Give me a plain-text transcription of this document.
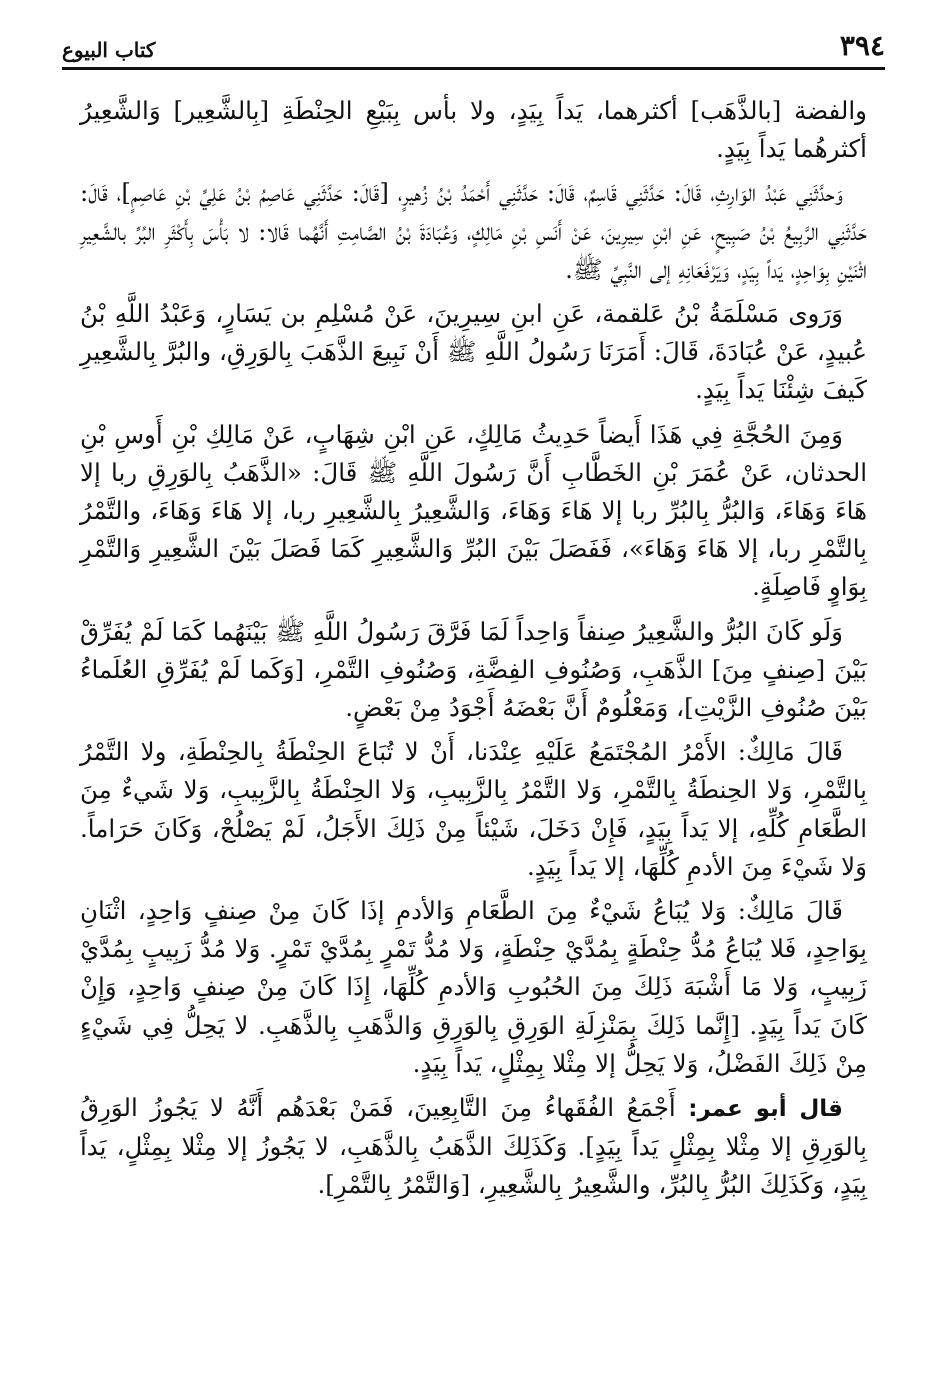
٣٩٤
كتاب البيوع

والفضة [بالذَّهَب] أكثرهما، يَداً بِيَدٍ، ولا بأس بِبَيْعِ الحِنْطَةِ [بِالشَّعِير] وَالشَّعِيرُ أكثرهُما يَداً بِيَدٍ.

وَحدَّثَنِي عَبْدُ الوَارِثِ، قَالَ: حَدَّثَنِي قَاسِمٌ، قَالَ: حَدَّثَنِي أَحْمَدُ بْنُ زُهيرٍ، [قَالَ: حَدَّثَنِي عَاصِمُ بْنُ عَلِيِّ بْنِ عَاصِمٍ]، قَالَ: حَدَّثَنِي الرَّبِيعُ بْنُ صَبِيحٍ، عَنِ ابْنِ سِيرِينَ، عَنْ أَنَسِ بْنِ مَالِكٍ، وَعُبَادَةَ بْنُ الصَّامِتِ أَنَّهُما قَالا: لا بَأْسَ بِأَكْثَرِ البُرِّ بالشَّعِيرِ اثْنَيْنِ بِوَاحِدٍ، يَداً بِيَدٍ، وَيَرْفَعَانِهِ إلى النَّبِيِّ ﷺ.

وَرَوى مَسْلَمَةُ بْنُ عَلقمة، عَنِ ابنِ سِيرِينَ، عَنْ مُسْلِمِ بن يَسَارٍ، وَعَبْدُ اللَّهِ بْنُ عُبيدٍ، عَنْ عُبَادَةَ، قَالَ: أَمَرَنَا رَسُولُ اللَّهِ ﷺ أَنْ نَبِيعَ الذَّهَبَ بِالوَرِقِ، والبُرَّ بِالشَّعِيرِ كَيفَ شِئْنَا يَداً بِيَدٍ.

وَمِنَ الحُجَّةِ فِي هَذَا أَيضاً حَدِيثُ مَالِكٍ، عَنِ ابْنِ شِهَابٍ، عَنْ مَالِكِ بْنِ أَوسِ بْنِ الحدثان، عَنْ عُمَرَ بْنِ الخَطَّابِ أَنَّ رَسُولَ اللَّهِ ﷺ قَالَ: «الذَّهَبُ بِالوَرِقِ ربا إلا هَاءَ وَهَاءَ، وَالبُرُّ بِالبُرِّ ربا إلا هَاءَ وَهَاءَ، وَالشَّعِيرُ بِالشَّعِيرِ ربا، إلا هَاءَ وَهَاءَ، والتَّمْرُ بِالتَّمْرِ ربا، إلا هَاءَ وَهَاءَ»، فَفَصَلَ بَيْنَ البُرِّ وَالشَّعِيرِ كَمَا فَصَلَ بَيْنَ الشَّعِيرِ وَالتَّمْرِ بِوَاوٍ فَاصِلَةٍ.

وَلَو كَانَ البُرُّ والشَّعِيرُ صِنفاً وَاحِداً لَمَا فَرَّقَ رَسُولُ اللَّهِ ﷺ بَيْنَهُما كَمَا لَمْ يُفَرِّقْ بَيْنَ [صِنفٍ مِنَ] الذَّهَبِ، وَصُنُوفِ الفِضَّةِ، وَصُنُوفِ التَّمْرِ، [وَكَما لَمْ يُفَرِّقِ العُلَماءُ بَيْنَ صُنُوفِ الزَّيْتِ]، وَمَعْلُومٌ أَنَّ بَعْضَهُ أَجْوَدُ مِنْ بَعْضٍ.

قَالَ مَالِكٌ: الأَمْرُ المُجْتَمَعُ عَلَيْهِ عِنْدَنا، أَنْ لا تُبَاعَ الحِنْطَةُ بِالحِنْطَةِ، ولا التَّمْرُ بِالتَّمْرِ، وَلا الحِنطَةُ بِالتَّمْرِ، وَلا التَّمْرُ بِالزَّبِيبِ، وَلا الحِنْطَةُ بِالزَّبِيبِ، وَلا شَيءٌ مِنَ الطَّعَامِ كُلِّهِ، إلا يَداً بِيَدٍ، فَإِنْ دَخَلَ، شَيْئاً مِنْ ذَلِكَ الأَجَلُ، لَمْ يَصْلُحْ، وَكَانَ حَرَاماً. وَلا شَيْءَ مِنَ الأدمِ كُلِّهَا، إلا يَداً بِيَدٍ.

قَالَ مَالِكٌ: وَلا يُبَاعُ شَيْءٌ مِنَ الطَّعَامِ وَالأدمِ إذَا كَانَ مِنْ صِنفٍ وَاحِدٍ، اثْنَانِ بِوَاحِدٍ، فَلا يُبَاعُ مُدُّ حِنْطَةٍ بِمُدَّيْ حِنْطَةٍ، وَلا مُدُّ تَمْرٍ بِمُدَّيْ تَمْرٍ. وَلا مُدُّ زَبِيبٍ بِمُدَّيْ زَبِيبٍ، وَلا مَا أَشْبَهَ ذَلِكَ مِنَ الحُبُوبِ وَالأدمِ كُلِّهَا، إِذَا كَانَ مِنْ صِنفٍ وَاحِدٍ، وَإِنْ كَانَ يَداً بِيَدٍ. [إِنَّما ذَلِكَ بِمَنْزِلَةِ الوَرِقِ بِالوَرِقِ وَالذَّهَبِ بِالذَّهَبِ. لا يَحِلُّ فِي شَيْءٍ مِنْ ذَلِكَ الفَضْلُ، وَلا يَحِلُّ إلا مِثْلا بِمِثْلٍ، يَداً بِيَدٍ.

قال أبو عمر: أَجْمَعُ الفُقَهاءُ مِنَ التَّابِعِينَ، فَمَنْ بَعْدَهُم أَنَّهُ لا يَجُوزُ الوَرِقُ بِالوَرِقِ إلا مِثْلا بِمِثْلٍ يَداً بِيَدٍ]. وَكَذَلِكَ الذَّهَبُ بِالذَّهَبِ، لا يَجُوزُ إلا مِثْلا بِمِثْلٍ، يَداً بِيَدٍ، وَكَذَلِكَ البُرُّ بِالبُرِّ، والشَّعِيرُ بِالشَّعِيرِ، [وَالتَّمْرُ بِالتَّمْرِ].
